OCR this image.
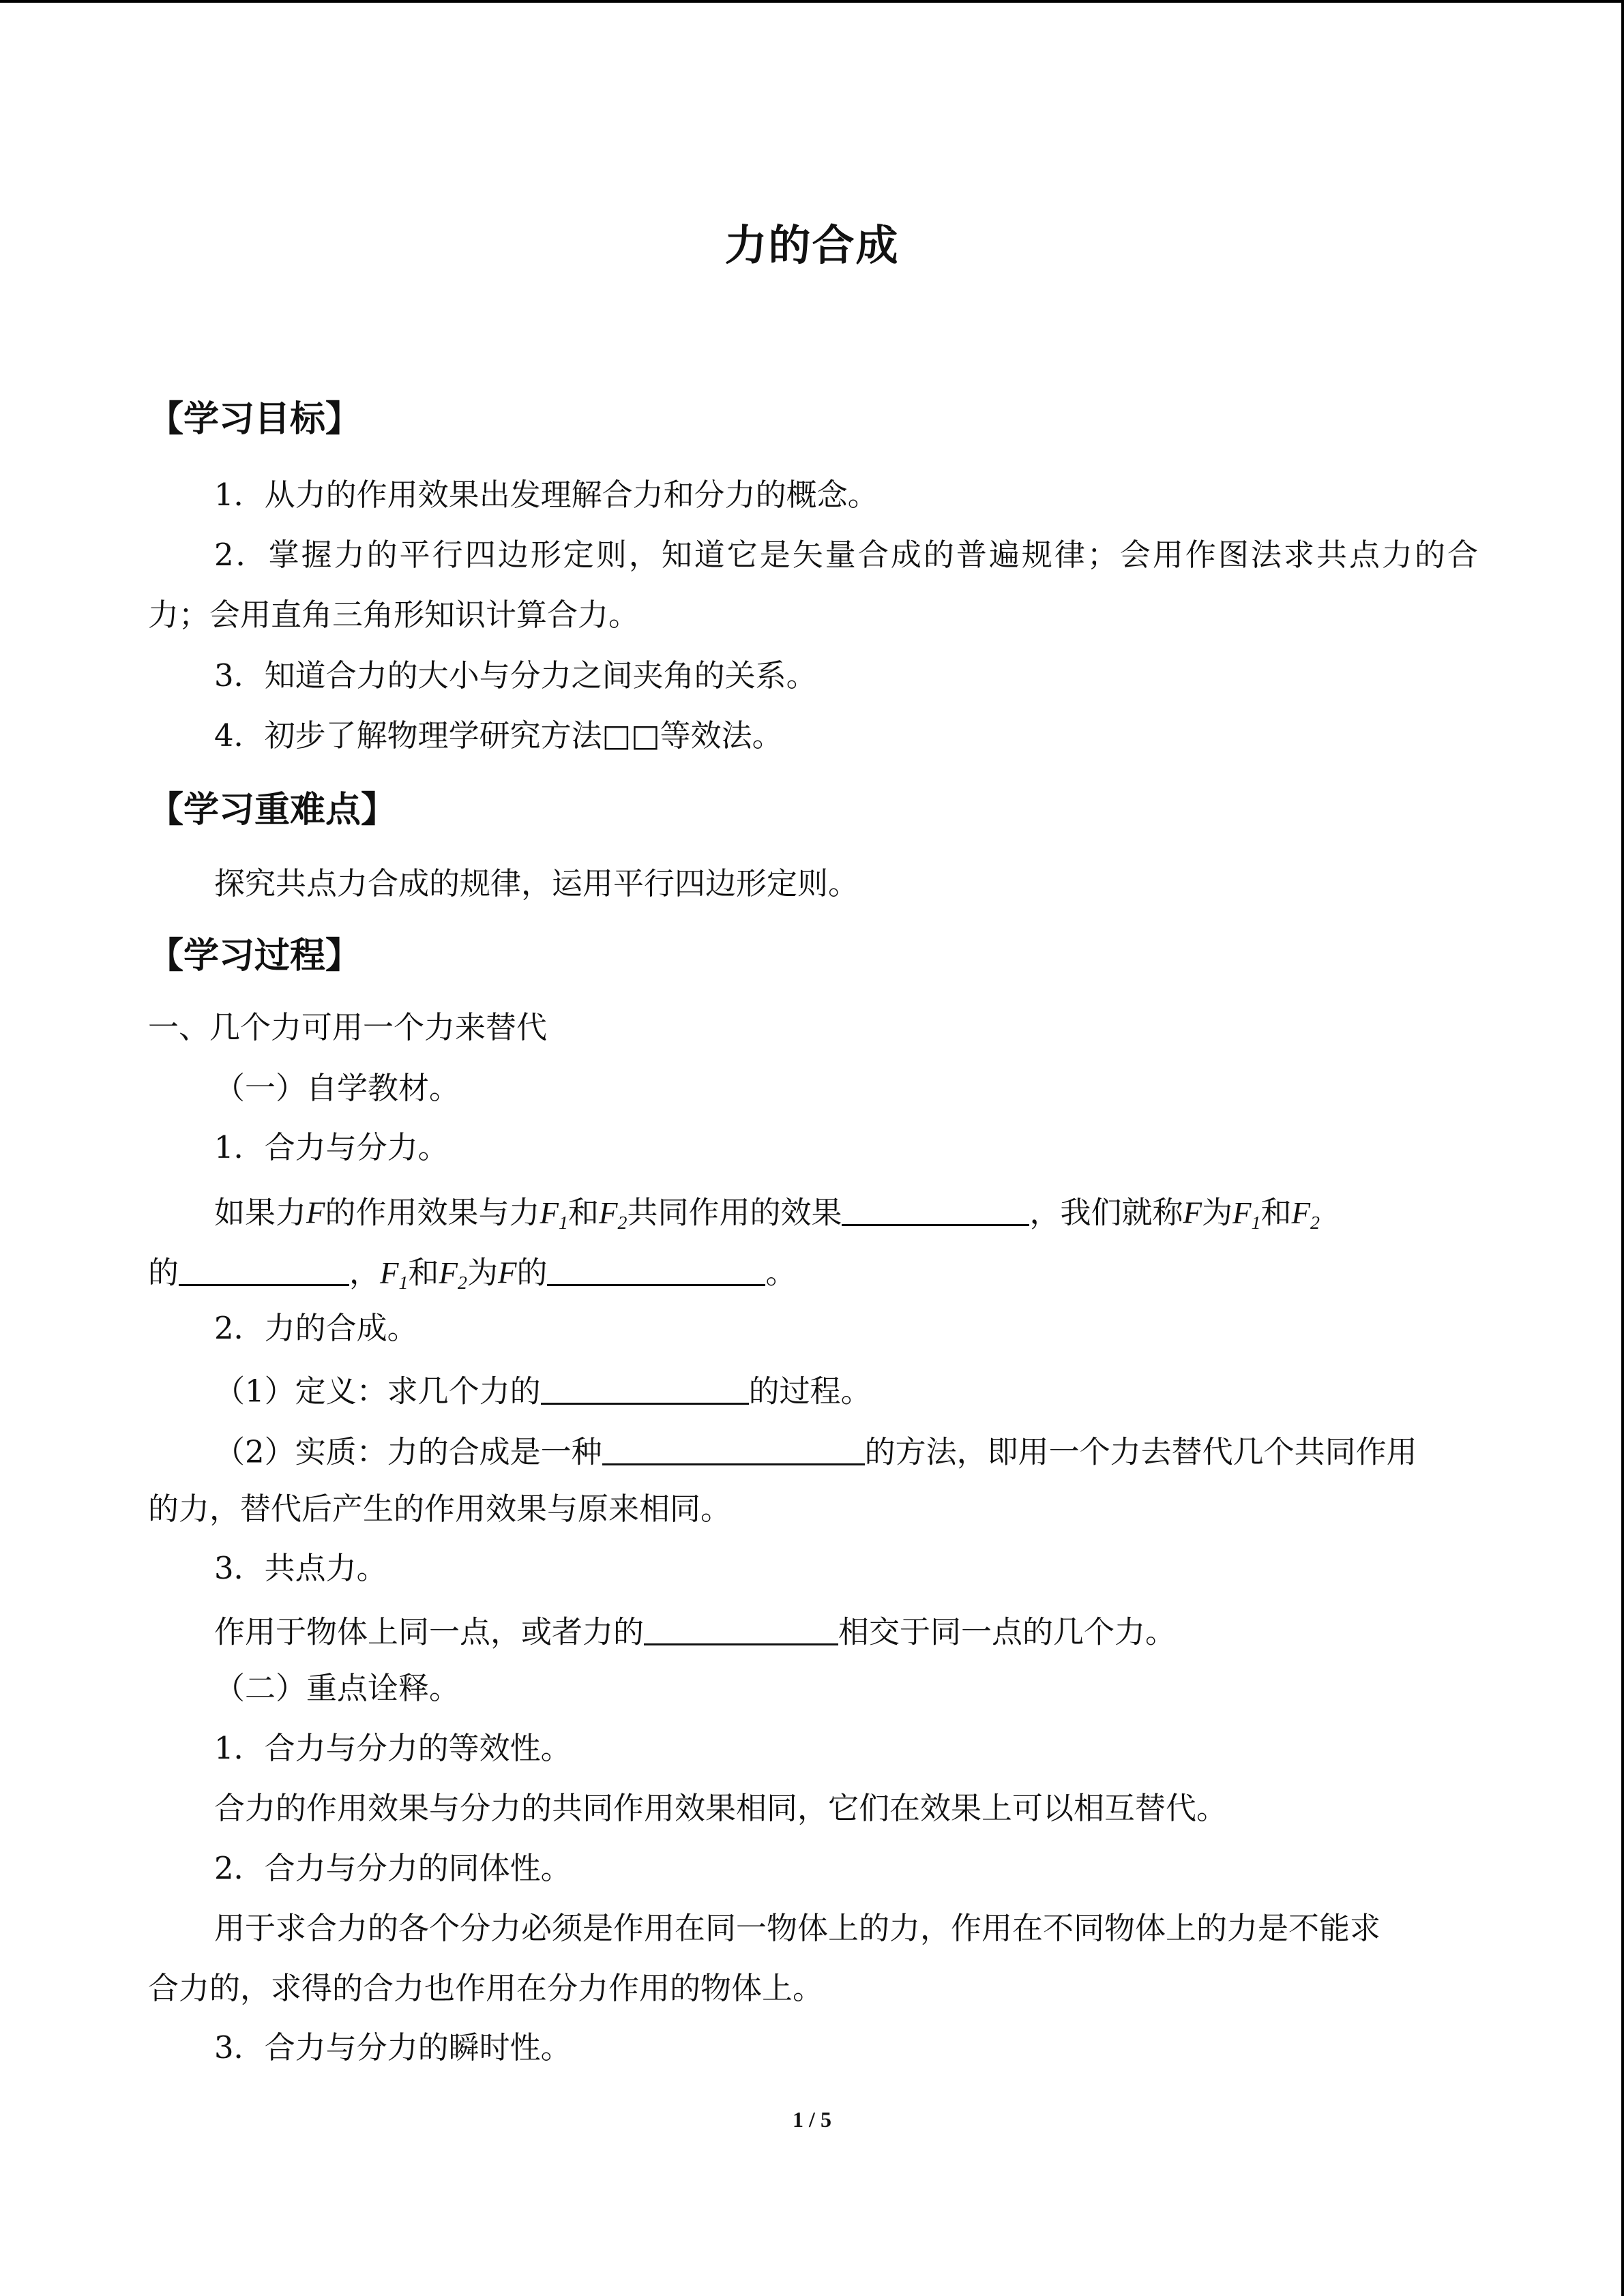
力的合成
【学习目标】
1．从力的作用效果出发理解合力和分力的概念。
2．掌握力的平行四边形定则，知道它是矢量合成的普遍规律；会用作图法求共点力的合
力；会用直角三角形知识计算合力。
3．知道合力的大小与分力之间夹角的关系。
4．初步了解物理学研究方法□□等效法。
【学习重难点】
探究共点力合成的规律，运用平行四边形定则。
【学习过程】
一、几个力可用一个力来替代
（一）自学教材。
1．合力与分力。
如果力F的作用效果与力$F_1$和$F_2$共同作用的效果	，我们就称F为$F_1$和$F_2$
的	，$F_1$和$F_2$为F的	。
2．力的合成。
（1）定义：求几个力的	的过程。
（2）实质：力的合成是一种	的方法，即用一个力去替代几个共同作用
的力，替代后产生的作用效果与原来相同。
3．共点力。
作用于物体上同一点，或者力的	相交于同一点的几个力。
（二）重点诠释。
1．合力与分力的等效性。
合力的作用效果与分力的共同作用效果相同，它们在效果上可以相互替代。
2．合力与分力的同体性。
用于求合力的各个分力必须是作用在同一物体上的力，作用在不同物体上的力是不能求
合力的，求得的合力也作用在分力作用的物体上。
3．合力与分力的瞬时性。
1 / 5
